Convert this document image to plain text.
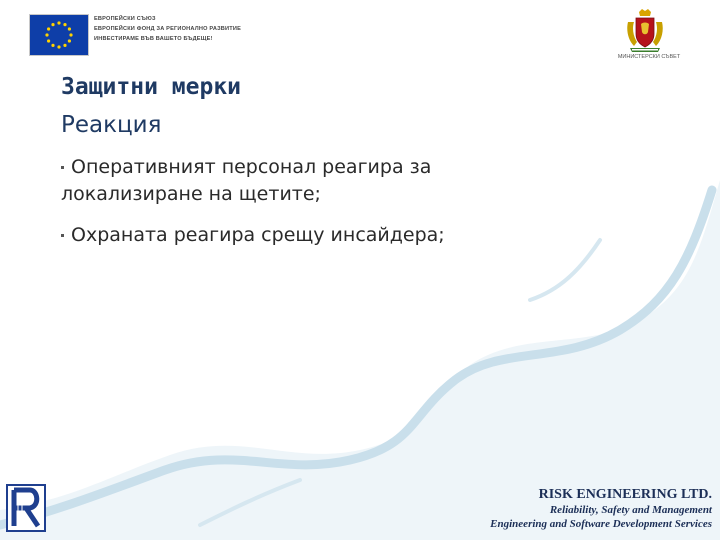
ЕВРОПЕЙСКИ СЪЮЗ
ЕВРОПЕЙСКИ ФОНД ЗА РЕГИОНАЛНО РАЗВИТИЕ
ИНВЕСТИРАМЕ ВЪВ ВАШЕТО БЪДЕЩЕ!
МИНИСТЕРСКИ СЪВЕТ
Защитни мерки
Реакция
Оперативният персонал реагира за локализиране на щетите;
Охраната реагира срещу инсайдера;
RISK ENGINEERING LTD.
Reliability, Safety and Management
Engineering and Software Development Services
